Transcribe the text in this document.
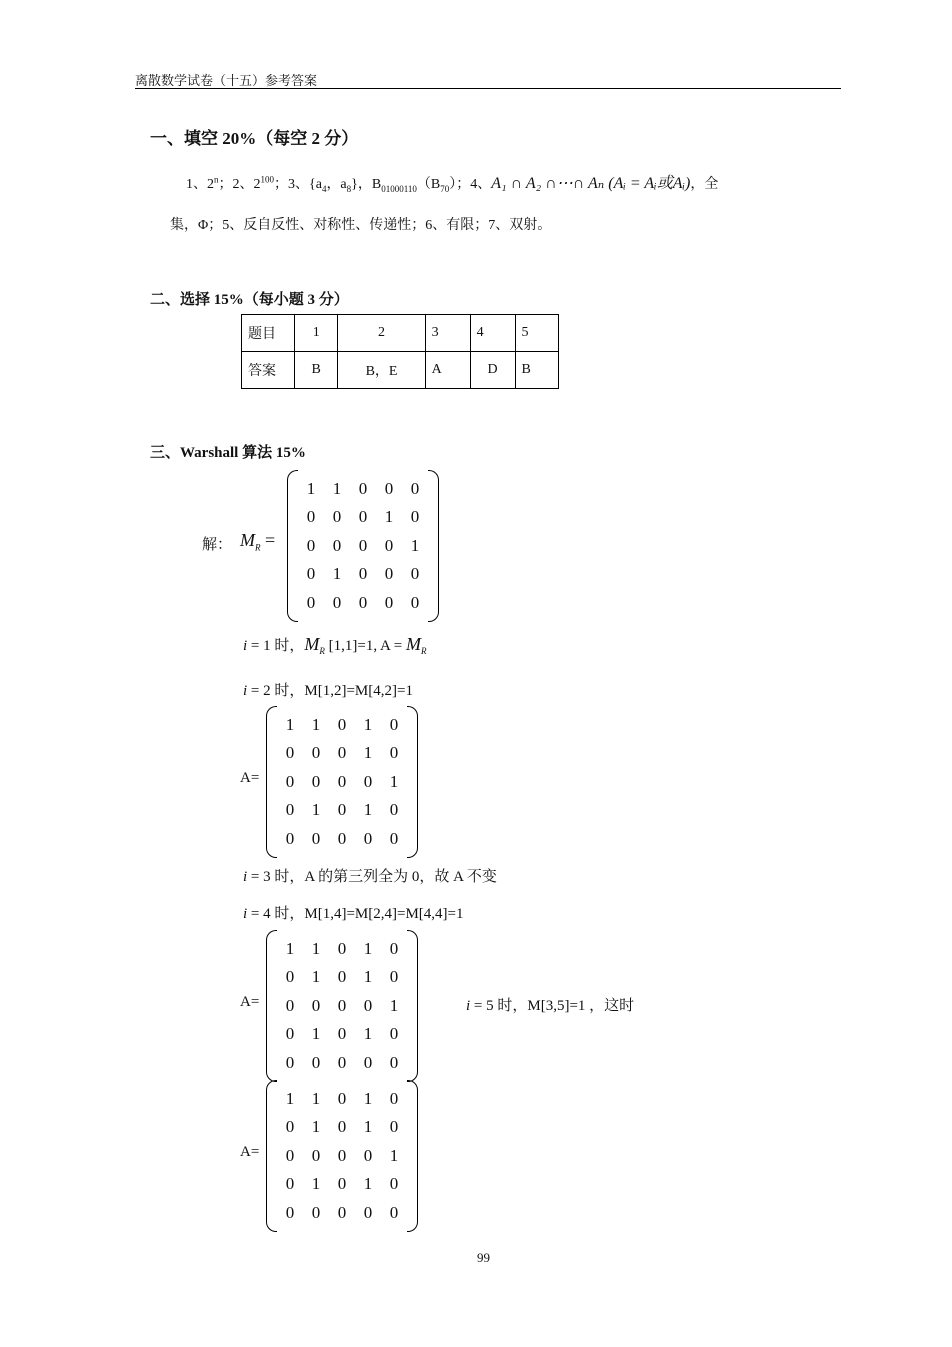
离散数学试卷（十五）参考答案
一、填空 20%（每空 2 分）
1、2$^n$；2、$2^{100}$；3、{$a_4$，$a_8$}，$B_{01000110}(B_{70})$；4、A₁ ∩ A₂ ∩⋯∩ Aₙ (Aᵢ = Aᵢ或Aᵢ)，全
集，Φ；5、反自反性、对称性、传递性；6、有限；7、双射。
二、选择 15%（每小题 3 分）
题目	1	2	3	4	5
答案	B	B，E	A	D	B
三、Warshall 算法 15%
解： $M_R$ =
1	1	0	0	0
0	0	0	1	0
0	0	0	0	1
0	1	0	0	0
0	0	0	0	0
i = 1 时，$M_R$ [1,1]=1, $A = M_R$
i = 2 时，M[1,2]=M[4,2]=1
A=
1	1	0	1	0
0	0	0	1	0
0	0	0	0	1
0	1	0	1	0
0	0	0	0	0
i = 3 时，A 的第三列全为 0，故 A 不变
i = 4 时，M[1,4]=M[2,4]=M[4,4]=1
A=
1	1	0	1	0
0	1	0	1	0
0	0	0	0	1
0	1	0	1	0
0	0	0	0	0
i = 5 时，M[3,5]=1 ，这时
A=
1	1	0	1	0
0	1	0	1	0
0	0	0	0	1
0	1	0	1	0
0	0	0	0	0
99
